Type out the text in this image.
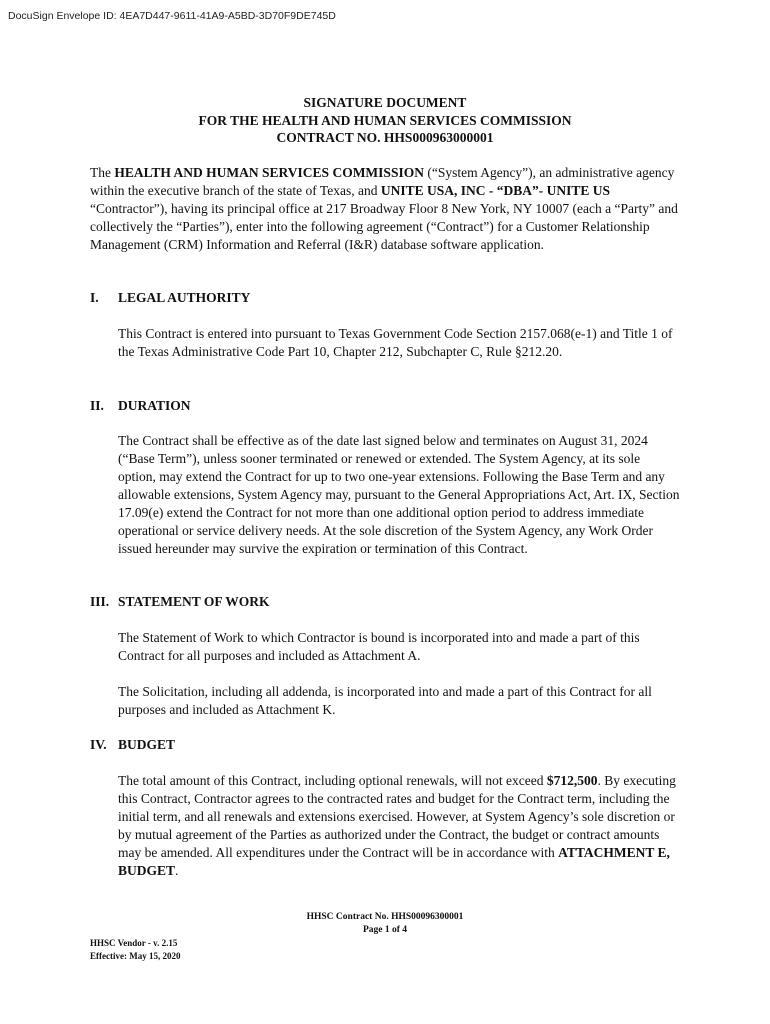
DocuSign Envelope ID: 4EA7D447-9611-41A9-A5BD-3D70F9DE745D
SIGNATURE DOCUMENT
FOR THE HEALTH AND HUMAN SERVICES COMMISSION
CONTRACT NO. HHS000963000001
The HEALTH AND HUMAN SERVICES COMMISSION (“System Agency”), an administrative agency within the executive branch of the state of Texas, and UNITE USA, INC - “DBA”- UNITE US “Contractor”), having its principal office at 217 Broadway Floor 8 New York, NY 10007 (each a “Party” and collectively the “Parties”), enter into the following agreement (“Contract”) for a Customer Relationship Management (CRM) Information and Referral (I&R) database software application.
I. LEGAL AUTHORITY
This Contract is entered into pursuant to Texas Government Code Section 2157.068(e-1) and Title 1 of the Texas Administrative Code Part 10, Chapter 212, Subchapter C, Rule §212.20.
II. DURATION
The Contract shall be effective as of the date last signed below and terminates on August 31, 2024 (“Base Term”), unless sooner terminated or renewed or extended. The System Agency, at its sole option, may extend the Contract for up to two one-year extensions. Following the Base Term and any allowable extensions, System Agency may, pursuant to the General Appropriations Act, Art. IX, Section 17.09(e) extend the Contract for not more than one additional option period to address immediate operational or service delivery needs. At the sole discretion of the System Agency, any Work Order issued hereunder may survive the expiration or termination of this Contract.
III. STATEMENT OF WORK
The Statement of Work to which Contractor is bound is incorporated into and made a part of this Contract for all purposes and included as Attachment A.
The Solicitation, including all addenda, is incorporated into and made a part of this Contract for all purposes and included as Attachment K.
IV. BUDGET
The total amount of this Contract, including optional renewals, will not exceed $712,500. By executing this Contract, Contractor agrees to the contracted rates and budget for the Contract term, including the initial term, and all renewals and extensions exercised. However, at System Agency’s sole discretion or by mutual agreement of the Parties as authorized under the Contract, the budget or contract amounts may be amended. All expenditures under the Contract will be in accordance with ATTACHMENT E, BUDGET.
HHSC Contract No. HHS00096300001
Page 1 of 4
HHSC Vendor - v. 2.15
Effective: May 15, 2020
